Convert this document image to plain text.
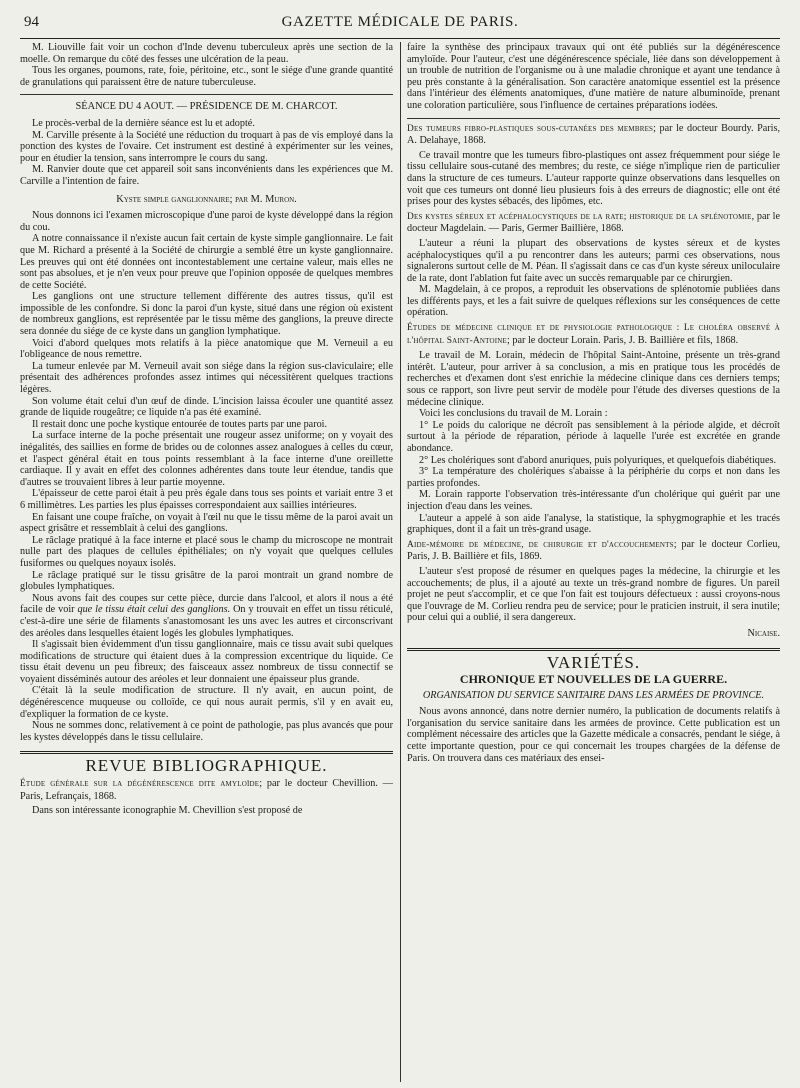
94	GAZETTE MÉDICALE DE PARIS.

M. Liouville fait voir un cochon d'Inde devenu tuberculeux après une section de la moelle. On remarque du côté des fesses une ulcération de la peau.

Tous les organes, poumons, rate, foie, péritoine, etc., sont le siége d'une grande quantité de granulations qui paraissent être de nature tuberculeuse.

SÉANCE DU 4 AOUT. — PRÉSIDENCE DE M. CHARCOT.

Le procès-verbal de la dernière séance est lu et adopté.

M. Carville présente à la Société une réduction du troquart à pas de vis employé dans la ponction des kystes de l'ovaire. Cet instrument est destiné à expérimenter sur les veines, pour en étudier la tension, sans interrompre le cours du sang.

M. Ranvier doute que cet appareil soit sans inconvénients dans les expériences que M. Carville a l'intention de faire.

Kyste simple ganglionnaire; par M. Muron.

Nous donnons ici l'examen microscopique d'une paroi de kyste développé dans la région du cou.

A notre connaissance il n'existe aucun fait certain de kyste simple ganglionnaire. Le fait que M. Richard a présenté à la Société de chirurgie a semblé être un kyste ganglionnaire. Les preuves qui ont été données ont incontestablement une certaine valeur, mais elles ne sont pas absolues, et je n'en veux pour preuve que l'opinion opposée de quelques membres de cette Société.

Les ganglions ont une structure tellement différente des autres tissus, qu'il est impossible de les confondre. Si donc la paroi d'un kyste, situé dans une région où existent de nombreux ganglions, est représentée par le tissu même des ganglions, la preuve directe sera donnée du siége de ce kyste dans un ganglion lymphatique.

Voici d'abord quelques mots relatifs à la pièce anatomique que M. Verneuil a eu l'obligeance de nous remettre.

La tumeur enlevée par M. Verneuil avait son siége dans la région sus-claviculaire; elle présentait des adhérences profondes assez intimes qui nécessitèrent quelques tractions légères.

Son volume était celui d'un œuf de dinde. L'incision laissa écouler une quantité assez grande de liquide rougeâtre; ce liquide n'a pas été examiné.

Il restait donc une poche kystique entourée de toutes parts par une paroi.

La surface interne de la poche présentait une rougeur assez uniforme; on y voyait des inégalités, des saillies en forme de brides ou de colonnes assez analogues à celles du cœur, et l'aspect général était en tous points ressemblant à la face interne d'une oreillette cardiaque. Il y avait en effet des colonnes adhérentes dans toute leur étendue, tandis que d'autres se trouvaient libres à leur partie moyenne.

L'épaisseur de cette paroi était à peu près égale dans tous ses points et variait entre 3 et 6 millimètres. Les parties les plus épaisses correspondaient aux saillies intérieures.

En faisant une coupe fraîche, on voyait à l'œil nu que le tissu même de la paroi avait un aspect grisâtre et ressemblait à celui des ganglions.

Le râclage pratiqué à la face interne et placé sous le champ du microscope ne montrait nulle part des plaques de cellules épithéliales; on n'y voyait que quelques cellules fusiformes ou quelques noyaux isolés.

Le râclage pratiqué sur le tissu grisâtre de la paroi montrait un grand nombre de globules lymphatiques.

Nous avons fait des coupes sur cette pièce, durcie dans l'alcool, et alors il nous a été facile de voir que le tissu était celui des ganglions. On y trouvait en effet un tissu réticulé, c'est-à-dire une série de filaments s'anastomosant les uns avec les autres et circonscrivant des aréoles dans lesquelles étaient logés les globules lymphatiques.

Il s'agissait bien évidemment d'un tissu ganglionnaire, mais ce tissu avait subi quelques modifications de structure qui étaient dues à la compression excentrique du liquide. Ce tissu était devenu un peu fibreux; des faisceaux assez nombreux de tissu connectif se voyaient disséminés autour des aréoles et leur donnaient une épaisseur plus grande.

C'était là la seule modification de structure. Il n'y avait, en aucun point, de dégénérescence muqueuse ou colloïde, ce qui nous aurait permis, s'il y en avait eu, d'expliquer la formation de ce kyste.

Nous ne sommes donc, relativement à ce point de pathologie, pas plus avancés que pour les kystes développés dans le tissu cellulaire.

REVUE BIBLIOGRAPHIQUE.

Étude générale sur la dégénérescence dite amyloïde; par le docteur Chevillion. — Paris, Lefrançais, 1868.

Dans son intéressante iconographie M. Chevillion s'est proposé de

faire la synthèse des principaux travaux qui ont été publiés sur la dégénérescence amyloïde. Pour l'auteur, c'est une dégénérescence spéciale, liée dans son développement à un trouble de nutrition de l'organisme ou à une maladie chronique et ayant une tendance à peu près constante à la généralisation. Son caractère anatomique essentiel est la présence dans l'intérieur des éléments anatomiques, d'une matière de nature albuminoïde, prenant une coloration particulière, sous l'influence de certaines préparations iodées.

Des tumeurs fibro-plastiques sous-cutanées des membres; par le docteur Bourdy. Paris, A. Delahaye, 1868.

Ce travail montre que les tumeurs fibro-plastiques ont assez fréquemment pour siége le tissu cellulaire sous-cutané des membres; du reste, ce siége n'implique rien de particulier dans la structure de ces tumeurs. L'auteur rapporte quinze observations dans lesquelles on voit que ces tumeurs ont donné lieu plusieurs fois à des erreurs de diagnostic; elle ont été prises pour des kystes sébacés, des lipômes, etc.

Des kystes séreux et acéphalocystiques de la rate; historique de la splénotomie, par le docteur Magdelain. — Paris, Germer Baillière, 1868.

L'auteur a réuni la plupart des observations de kystes séreux et de kystes acéphalocystiques qu'il a pu rencontrer dans les auteurs; parmi ces observations, nous signalerons surtout celle de M. Péan. Il s'agissait dans ce cas d'un kyste séreux uniloculaire de la rate, dont l'ablation fut faite avec un succès remarquable par ce chirurgien.

M. Magdelain, à ce propos, a reproduit les observations de splénotomie publiées dans les différents pays, et les a fait suivre de quelques réflexions sur les conséquences de cette opération.

Études de médecine clinique et de physiologie pathologique : Le choléra observé à l'hôpital Saint-Antoine; par le docteur Lorain. Paris, J. B. Baillière et fils, 1868.

Le travail de M. Lorain, médecin de l'hôpital Saint-Antoine, présente un très-grand intérêt. L'auteur, pour arriver à sa conclusion, a mis en pratique tous les procédés de recherches et d'examen dont s'est enrichie la médecine clinique dans ces derniers temps; sous ce rapport, son livre peut servir de modèle pour l'étude des diverses questions de la médecine clinique.

Voici les conclusions du travail de M. Lorain :

1° Le poids du calorique ne décroît pas sensiblement à la période algide, et décroît surtout à la période de réparation, période à laquelle l'urée est excrétée en grande abondance.

2° Les cholériques sont d'abord anuriques, puis polyuriques, et quelquefois diabétiques.

3° La température des cholériques s'abaisse à la périphérie du corps et non dans les parties profondes.

M. Lorain rapporte l'observation très-intéressante d'un cholérique qui guérit par une injection d'eau dans les veines.

L'auteur a appelé à son aide l'analyse, la statistique, la sphygmographie et les tracés graphiques, dont il a fait un très-grand usage.

Aide-mémoire de médecine, de chirurgie et d'accouchements; par le docteur Corlieu, Paris, J. B. Baillière et fils, 1869.

L'auteur s'est proposé de résumer en quelques pages la médecine, la chirurgie et les accouchements; de plus, il a ajouté au texte un très-grand nombre de figures. Un pareil projet ne peut s'accomplir, et ce que l'on fait est toujours défectueux : aussi croyons-nous que l'ouvrage de M. Corlieu rendra peu de service; pour le praticien instruit, il sera inutile; pour celui qui a oublié, il sera dangereux.

Nicaise.

VARIÉTÉS.

CHRONIQUE ET NOUVELLES DE LA GUERRE.

ORGANISATION DU SERVICE SANITAIRE DANS LES ARMÉES DE PROVINCE.

Nous avons annoncé, dans notre dernier numéro, la publication de documents relatifs à l'organisation du service sanitaire dans les armées de province. Cette publication est un complément nécessaire des articles que la Gazette médicale a consacrés, pendant le siége, à cette importante question, pour ce qui concernait les troupes chargées de la défense de Paris. On trouvera dans ces matériaux des ensei-
